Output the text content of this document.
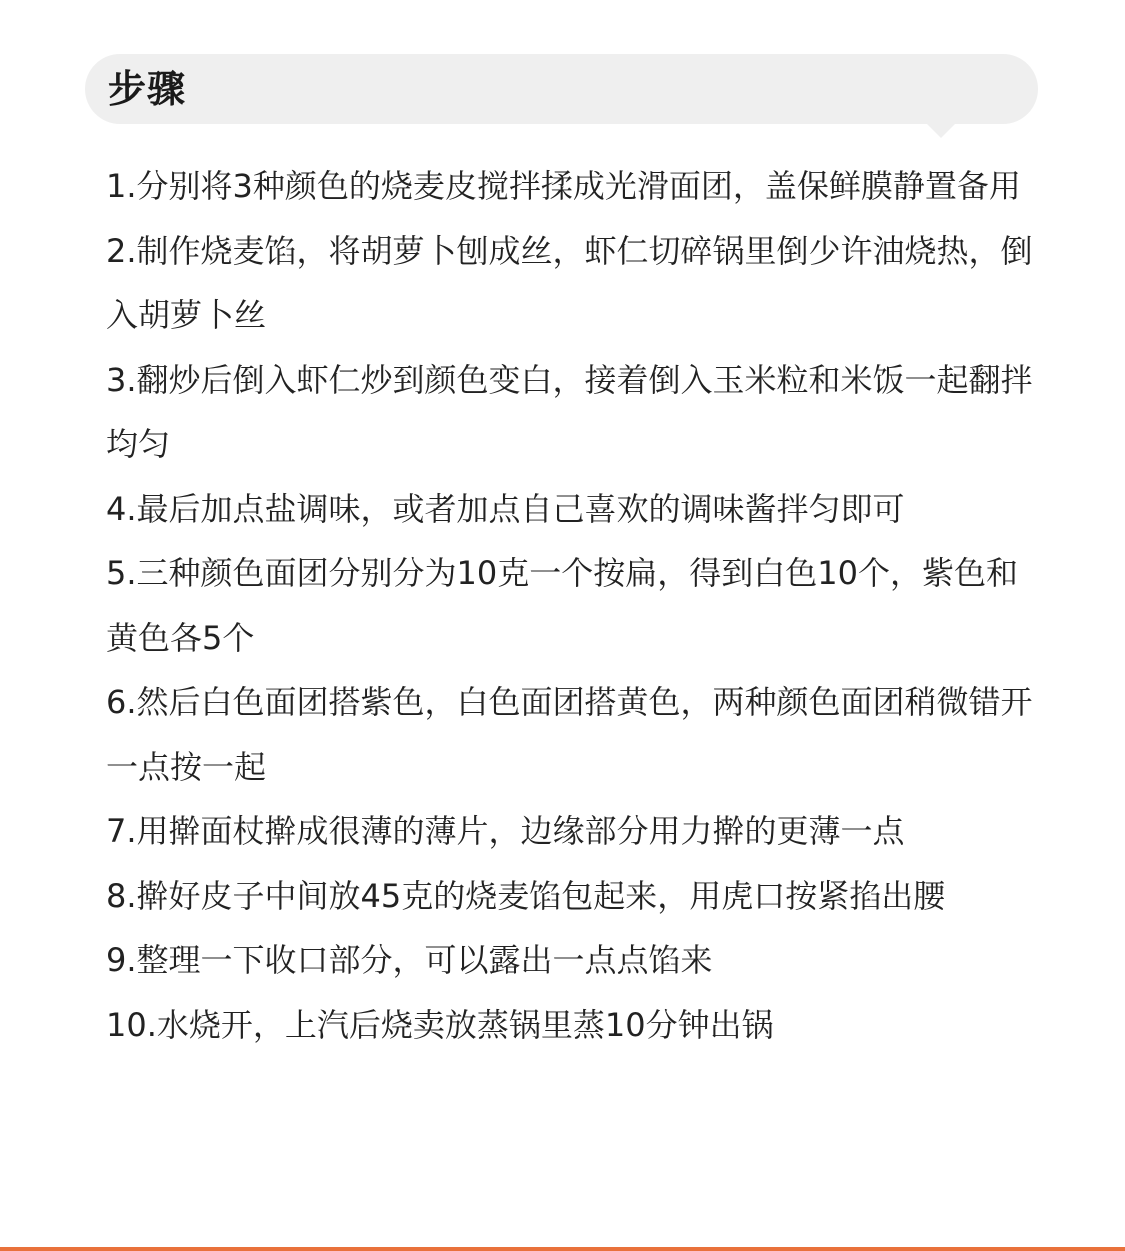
步骤
1.分别将3种颜色的烧麦皮搅拌揉成光滑面团，盖保鲜膜静置备用
2.制作烧麦馅，将胡萝卜刨成丝，虾仁切碎锅里倒少许油烧热，倒入胡萝卜丝
3.翻炒后倒入虾仁炒到颜色变白，接着倒入玉米粒和米饭一起翻拌均匀
4.最后加点盐调味，或者加点自己喜欢的调味酱拌匀即可
5.三种颜色面团分别分为10克一个按扁，得到白色10个，紫色和黄色各5个
6.然后白色面团搭紫色，白色面团搭黄色，两种颜色面团稍微错开一点按一起
7.用擀面杖擀成很薄的薄片，边缘部分用力擀的更薄一点
8.擀好皮子中间放45克的烧麦馅包起来，用虎口按紧掐出腰
9.整理一下收口部分，可以露出一点点馅来
10.水烧开，上汽后烧卖放蒸锅里蒸10分钟出锅
